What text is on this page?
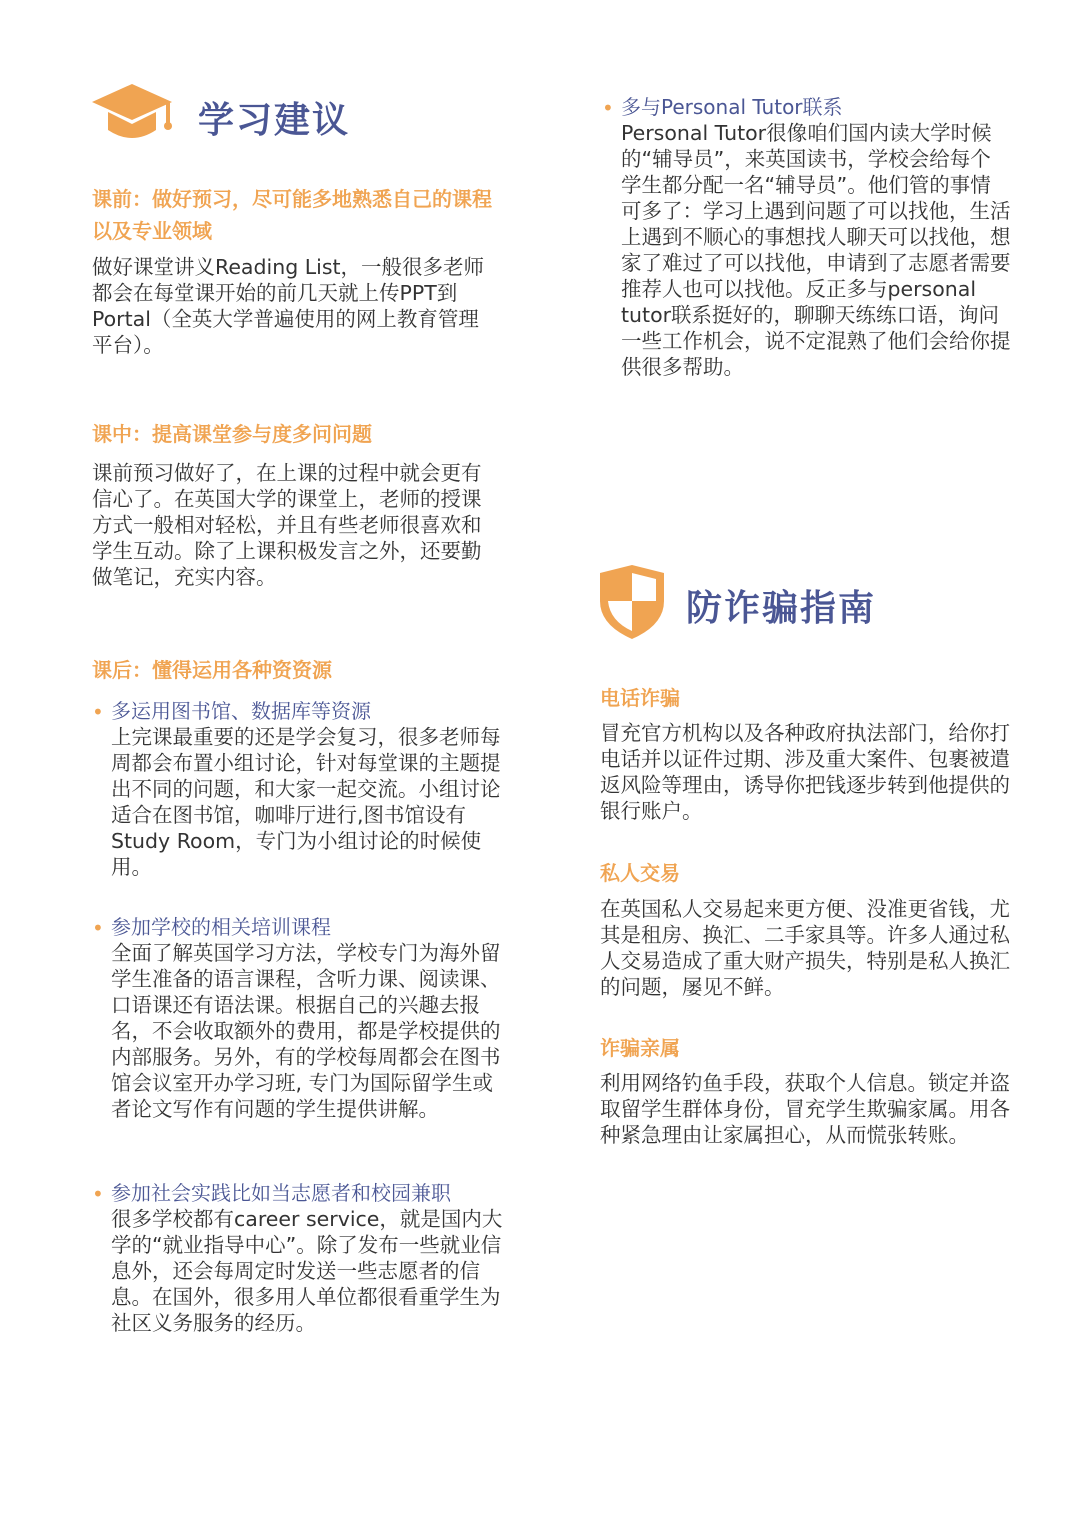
学习建议
课前：做好预习，尽可能多地熟悉自己的课程以及专业领域
做好课堂讲义Reading List，一般很多老师都会在每堂课开始的前几天就上传PPT到Portal（全英大学普遍使用的网上教育管理平台）。
课中：提高课堂参与度多问问题
课前预习做好了，在上课的过程中就会更有信心了。在英国大学的课堂上，老师的授课方式一般相对轻松，并且有些老师很喜欢和学生互动。除了上课积极发言之外，还要勤做笔记，充实内容。
课后：懂得运用各种资资源
• 多运用图书馆、数据库等资源
上完课最重要的还是学会复习，很多老师每周都会布置小组讨论，针对每堂课的主题提出不同的问题，和大家一起交流。小组讨论适合在图书馆，咖啡厅进行,图书馆设有Study Room，专门为小组讨论的时候使用。
• 参加学校的相关培训课程
全面了解英国学习方法，学校专门为海外留学生准备的语言课程，含听力课、阅读课、口语课还有语法课。根据自己的兴趣去报名，不会收取额外的费用，都是学校提供的内部服务。另外，有的学校每周都会在图书馆会议室开办学习班, 专门为国际留学生或者论文写作有问题的学生提供讲解。
• 参加社会实践比如当志愿者和校园兼职
很多学校都有career service，就是国内大学的“就业指导中心”。除了发布一些就业信息外，还会每周定时发送一些志愿者的信息。在国外，很多用人单位都很看重学生为社区义务服务的经历。
• 多与Personal Tutor联系
Personal Tutor很像咱们国内读大学时候的“辅导员”，来英国读书，学校会给每个学生都分配一名“辅导员”。他们管的事情可多了：学习上遇到问题了可以找他，生活上遇到不顺心的事想找人聊天可以找他，想家了难过了可以找他，申请到了志愿者需要推荐人也可以找他。反正多与personal tutor联系挺好的，聊聊天练练口语，询问一些工作机会，说不定混熟了他们会给你提供很多帮助。
防诈骗指南
电话诈骗
冒充官方机构以及各种政府执法部门，给你打电话并以证件过期、涉及重大案件、包裹被遣返风险等理由，诱导你把钱逐步转到他提供的银行账户。
私人交易
在英国私人交易起来更方便、没准更省钱，尤其是租房、换汇、二手家具等。许多人通过私人交易造成了重大财产损失，特别是私人换汇的问题，屡见不鲜。
诈骗亲属
利用网络钓鱼手段，获取个人信息。锁定并盗取留学生群体身份，冒充学生欺骗家属。用各种紧急理由让家属担心，从而慌张转账。
